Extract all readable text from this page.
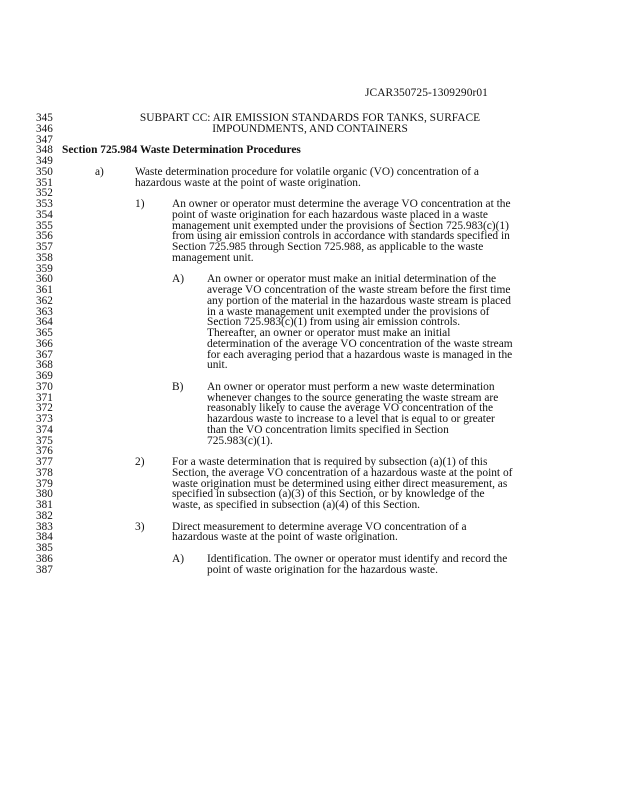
JCAR350725-1309290r01
345	SUBPART CC: AIR EMISSION STANDARDS FOR TANKS, SURFACE
346	IMPOUNDMENTS, AND CONTAINERS
347
348 Section 725.984 Waste Determination Procedures
349
350	a)	Waste determination procedure for volatile organic (VO) concentration of a
351	hazardous waste at the point of waste origination.
352
353	1) An owner or operator must determine the average VO concentration at the
354	point of waste origination for each hazardous waste placed in a waste
355	management unit exempted under the provisions of Section 725.983(c)(1)
356	from using air emission controls in accordance with standards specified in
357	Section 725.985 through Section 725.988, as applicable to the waste
358	management unit.
359
360	A) An owner or operator must make an initial determination of the
361	average VO concentration of the waste stream before the first time
362	any portion of the material in the hazardous waste stream is placed
363	in a waste management unit exempted under the provisions of
364	Section 725.983(c)(1) from using air emission controls.
365	Thereafter, an owner or operator must make an initial
366	determination of the average VO concentration of the waste stream
367	for each averaging period that a hazardous waste is managed in the
368	unit.
369
370	B) An owner or operator must perform a new waste determination
371	whenever changes to the source generating the waste stream are
372	reasonably likely to cause the average VO concentration of the
373	hazardous waste to increase to a level that is equal to or greater
374	than the VO concentration limits specified in Section
375	725.983(c)(1).
376
377	2) For a waste determination that is required by subsection (a)(1) of this
378	Section, the average VO concentration of a hazardous waste at the point of
379	waste origination must be determined using either direct measurement, as
380	specified in subsection (a)(3) of this Section, or by knowledge of the
381	waste, as specified in subsection (a)(4) of this Section.
382
383	3) Direct measurement to determine average VO concentration of a
384	hazardous waste at the point of waste origination.
385
386	A) Identification. The owner or operator must identify and record the
387	point of waste origination for the hazardous waste.
